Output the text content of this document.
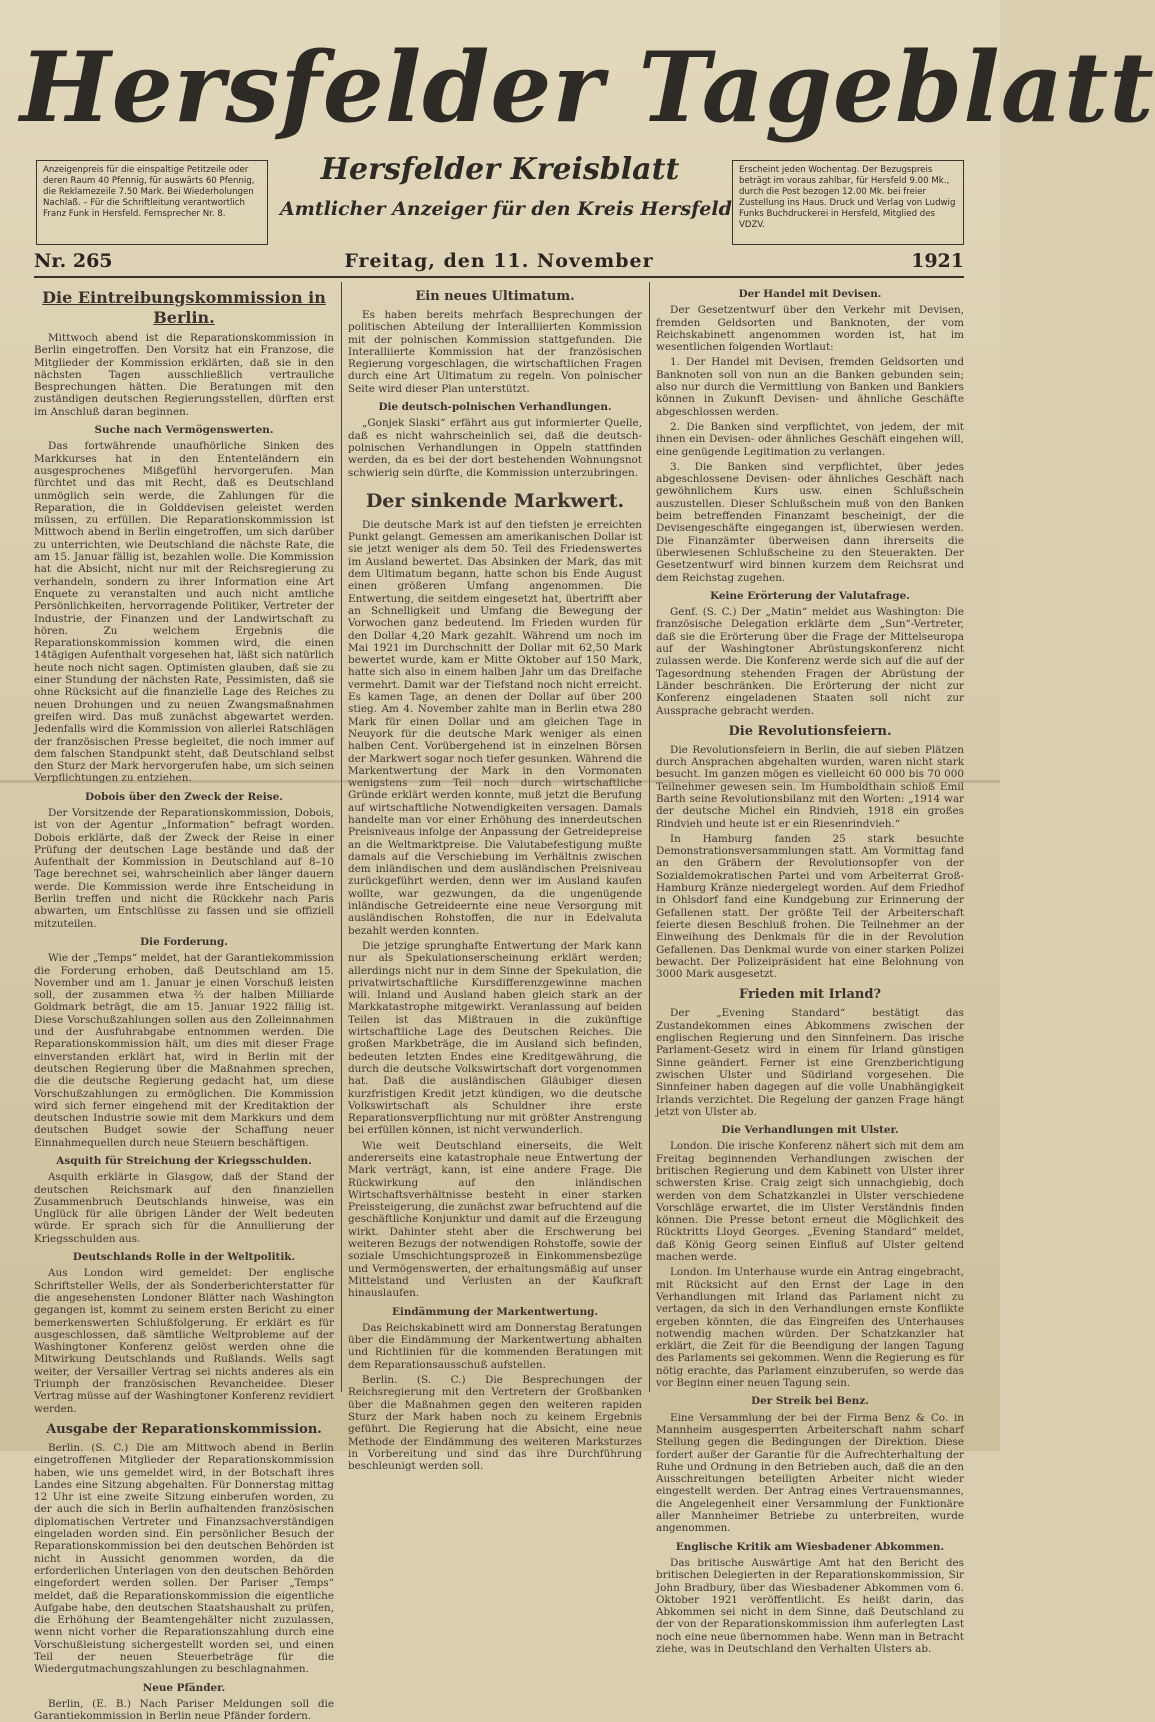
Hersfelder Tageblatt
Anzeigenpreis für die einspaltige Petitzeile oder deren Raum 40 Pfennig, für auswärts 60 Pfennig, die Reklamezeile 7.50 Mark. Bei Wiederholungen Nachlaß. – Für die Schriftleitung verantwortlich Franz Funk in Hersfeld. Fernsprecher Nr. 8.
Hersfelder Kreisblatt
Amtlicher Anzeiger für den Kreis Hersfeld
Erscheint jeden Wochentag. Der Bezugspreis beträgt im voraus zahlbar, für Hersfeld 9.00 Mk., durch die Post bezogen 12.00 Mk. bei freier Zustellung ins Haus. Druck und Verlag von Ludwig Funks Buchdruckerei in Hersfeld, Mitglied des VDZV.
Nr. 265	Freitag, den 11. November	1921
Die Eintreibungskommission in Berlin.

Mittwoch abend ist die Reparationskommission in Berlin eingetroffen. Den Vorsitz hat ein Franzose, die Mitglieder der Kommission erklärten, daß sie in den nächsten Tagen ausschließlich vertrauliche Besprechungen hätten. Die Beratungen mit den zuständigen deutschen Regierungsstellen, dürften erst im Anschluß daran beginnen.

Suche nach Vermögenswerten.

Das fortwährende unaufhörliche Sinken des Markkurses hat in den Ententeländern ein ausgesprochenes Mißgefühl hervorgerufen. Man fürchtet und das mit Recht, daß es Deutschland unmöglich sein werde, die Zahlungen für die Reparation, die in Golddevisen geleistet werden müssen, zu erfüllen. Die Reparationskommission ist Mittwoch abend in Berlin eingetroffen, um sich darüber zu unterrichten, wie Deutschland die nächste Rate, die am 15. Januar fällig ist, bezahlen wolle. Die Kommission hat die Absicht, nicht nur mit der Reichsregierung zu verhandeln, sondern zu ihrer Information eine Art Enquete zu veranstalten und auch nicht amtliche Persönlichkeiten, hervorragende Politiker, Vertreter der Industrie, der Finanzen und der Landwirtschaft zu hören. Zu welchem Ergebnis die Reparationskommission kommen wird, die einen 14tägigen Aufenthalt vorgesehen hat, läßt sich natürlich heute noch nicht sagen. Optimisten glauben, daß sie zu einer Stundung der nächsten Rate, Pessimisten, daß sie ohne Rücksicht auf die finanzielle Lage des Reiches zu neuen Drohungen und zu neuen Zwangsmaßnahmen greifen wird. Das muß zunächst abgewartet werden. Jedenfalls wird die Kommission von allerlei Ratschlägen der französischen Presse begleitet, die noch immer auf dem falschen Standpunkt steht, daß Deutschland selbst den Sturz der Mark hervorgerufen habe, um sich seinen Verpflichtungen zu entziehen.

Dobois über den Zweck der Reise.

Der Vorsitzende der Reparationskommission, Dobois, ist von der Agentur „Information“ befragt worden. Dobois erklärte, daß der Zweck der Reise in einer Prüfung der deutschen Lage bestände und daß der Aufenthalt der Kommission in Deutschland auf 8–10 Tage berechnet sei, wahrscheinlich aber länger dauern werde. Die Kommission werde ihre Entscheidung in Berlin treffen und nicht die Rückkehr nach Paris abwarten, um Entschlüsse zu fassen und sie offiziell mitzuteilen.

Die Forderung.

Wie der „Temps“ meldet, hat der Garantiekommission die Forderung erhoben, daß Deutschland am 15. November und am 1. Januar je einen Vorschuß leisten soll, der zusammen etwa ⅔ der halben Milliarde Goldmark beträgt, die am 15. Januar 1922 fällig ist. Diese Vorschußzahlungen sollen aus den Zolleinnahmen und der Ausfuhrabgabe entnommen werden. Die Reparationskommission hält, um dies mit dieser Frage einverstanden erklärt hat, wird in Berlin mit der deutschen Regierung über die Maßnahmen sprechen, die die deutsche Regierung gedacht hat, um diese Vorschußzahlungen zu ermöglichen. Die Kommission wird sich ferner eingehend mit der Kreditaktion der deutschen Industrie sowie mit dem Markkurs und dem deutschen Budget sowie der Schaffung neuer Einnahmequellen durch neue Steuern beschäftigen.

Asquith für Streichung der Kriegsschulden.

Asquith erklärte in Glasgow, daß der Stand der deutschen Reichsmark auf den finanziellen Zusammenbruch Deutschlands hinweise, was ein Unglück für alle übrigen Länder der Welt bedeuten würde. Er sprach sich für die Annullierung der Kriegsschulden aus.

Deutschlands Rolle in der Weltpolitik.

Aus London wird gemeldet: Der englische Schriftsteller Wells, der als Sonderberichterstatter für die angesehensten Londoner Blätter nach Washington gegangen ist, kommt zu seinem ersten Bericht zu einer bemerkenswerten Schlußfolgerung. Er erklärt es für ausgeschlossen, daß sämtliche Weltprobleme auf der Washingtoner Konferenz gelöst werden ohne die Mitwirkung Deutschlands und Rußlands. Wells sagt weiter, der Versailler Vertrag sei nichts anderes als ein Triumph der französischen Revancheidee. Dieser Vertrag müsse auf der Washingtoner Konferenz revidiert werden.

Ausgabe der Reparationskommission.

Berlin. (S. C.) Die am Mittwoch abend in Berlin eingetroffenen Mitglieder der Reparationskommission haben, wie uns gemeldet wird, in der Botschaft ihres Landes eine Sitzung abgehalten. Für Donnerstag mittag 12 Uhr ist eine zweite Sitzung einberufen worden, zu der auch die sich in Berlin aufhaltenden französischen diplomatischen Vertreter und Finanzsachverständigen eingeladen worden sind. Ein persönlicher Besuch der Reparationskommission bei den deutschen Behörden ist nicht in Aussicht genommen worden, da die erforderlichen Unterlagen von den deutschen Behörden eingefordert werden sollen. Der Pariser „Temps“ meldet, daß die Reparationskommission die eigentliche Aufgabe habe, den deutschen Staatshaushalt zu prüfen, die Erhöhung der Beamtengehälter nicht zuzulassen, wenn nicht vorher die Reparationszahlung durch eine Vorschußleistung sichergestellt worden sei, und einen Teil der neuen Steuerbeträge für die Wiedergutmachungszahlungen zu beschlagnahmen.

Neue Pfänder.

Berlin, (E. B.) Nach Pariser Meldungen soll die Garantiekommission in Berlin neue Pfänder fordern.

Ein neues Ultimatum.

Es haben bereits mehrfach Besprechungen der politischen Abteilung der Interalliierten Kommission mit der polnischen Kommission stattgefunden. Die Interalliierte Kommission hat der französischen Regierung vorgeschlagen, die wirtschaftlichen Fragen durch eine Art Ultimatum zu regeln. Von polnischer Seite wird dieser Plan unterstützt.

Die deutsch-polnischen Verhandlungen.

„Gonjek Slaski“ erfährt aus gut informierter Quelle, daß es nicht wahrscheinlich sei, daß die deutsch-polnischen Verhandlungen in Oppeln stattfinden werden, da es bei der dort bestehenden Wohnungsnot schwierig sein dürfte, die Kommission unterzubringen.

Der sinkende Markwert.

Die deutsche Mark ist auf den tiefsten je erreichten Punkt gelangt. Gemessen am amerikanischen Dollar ist sie jetzt weniger als dem 50. Teil des Friedenswertes im Ausland bewertet. Das Absinken der Mark, das mit dem Ultimatum begann, hatte schon bis Ende August einen größeren Umfang angenommen. Die Entwertung, die seitdem eingesetzt hat, übertrifft aber an Schnelligkeit und Umfang die Bewegung der Vorwochen ganz bedeutend. Im Frieden wurden für den Dollar 4,20 Mark gezahlt. Während um noch im Mai 1921 im Durchschnitt der Dollar mit 62,50 Mark bewertet wurde, kam er Mitte Oktober auf 150 Mark, hatte sich also in einem halben Jahr um das Dreifache vermehrt. Damit war der Tiefstand noch nicht erreicht. Es kamen Tage, an denen der Dollar auf über 200 stieg. Am 4. November zahlte man in Berlin etwa 280 Mark für einen Dollar und am gleichen Tage in Neuyork für die deutsche Mark weniger als einen halben Cent. Vorübergehend ist in einzelnen Börsen der Markwert sogar noch tiefer gesunken. Während die Markentwertung der Mark in den Vormonaten wenigstens zum Teil noch durch wirtschaftliche Gründe erklärt werden konnte, muß jetzt die Berufung auf wirtschaftliche Notwendigkeiten versagen. Damals handelte man vor einer Erhöhung des innerdeutschen Preisniveaus infolge der Anpassung der Getreidepreise an die Weltmarktpreise. Die Valutabefestigung mußte damals auf die Verschiebung im Verhältnis zwischen dem inländischen und dem ausländischen Preisniveau zurückgeführt werden, denn wer im Ausland kaufen wollte, war gezwungen, da die ungenügende inländische Getreideernte eine neue Versorgung mit ausländischen Rohstoffen, die nur in Edelvaluta bezahlt werden konnten.

Die jetzige sprunghafte Entwertung der Mark kann nur als Spekulationserscheinung erklärt werden; allerdings nicht nur in dem Sinne der Spekulation, die privatwirtschaftliche Kursdifferenzgewinne machen will. Inland und Ausland haben gleich stark an der Markkatastrophe mitgewirkt. Veranlassung auf beiden Teilen ist das Mißtrauen in die zukünftige wirtschaftliche Lage des Deutschen Reiches. Die großen Markbeträge, die im Ausland sich befinden, bedeuten letzten Endes eine Kreditgewährung, die durch die deutsche Volkswirtschaft dort vorgenommen hat. Daß die ausländischen Gläubiger diesen kurzfristigen Kredit jetzt kündigen, wo die deutsche Volkswirtschaft als Schuldner ihre erste Reparationsverpflichtung nur mit größter Anstrengung bei erfüllen können, ist nicht verwunderlich.

Wie weit Deutschland einerseits, die Welt andererseits eine katastrophale neue Entwertung der Mark verträgt, kann, ist eine andere Frage. Die Rückwirkung auf den inländischen Wirtschaftsverhältnisse besteht in einer starken Preissteigerung, die zunächst zwar befruchtend auf die geschäftliche Konjunktur und damit auf die Erzeugung wirkt. Dahinter steht aber die Erschwerung bei weiteren Bezugs der notwendigen Rohstoffe, sowie der soziale Umschichtungsprozeß in Einkommensbezüge und Vermögenswerten, der erhaltungsmäßig auf unser Mittelstand und Verlusten an der Kaufkraft hinauslaufen.

Eindämmung der Markentwertung.

Das Reichskabinett wird am Donnerstag Beratungen über die Eindämmung der Markentwertung abhalten und Richtlinien für die kommenden Beratungen mit dem Reparationsausschuß aufstellen.

Berlin. (S. C.) Die Besprechungen der Reichsregierung mit den Vertretern der Großbanken über die Maßnahmen gegen den weiteren rapiden Sturz der Mark haben noch zu keinem Ergebnis geführt. Die Regierung hat die Absicht, eine neue Methode der Eindämmung des weiteren Marksturzes in Vorbereitung und sind das ihre Durchführung beschleunigt werden soll.

Der Handel mit Devisen.

Der Gesetzentwurf über den Verkehr mit Devisen, fremden Geldsorten und Banknoten, der vom Reichskabinett angenommen worden ist, hat im wesentlichen folgenden Wortlaut:

1. Der Handel mit Devisen, fremden Geldsorten und Banknoten soll von nun an die Banken gebunden sein; also nur durch die Vermittlung von Banken und Bankiers können in Zukunft Devisen- und ähnliche Geschäfte abgeschlossen werden.

2. Die Banken sind verpflichtet, von jedem, der mit ihnen ein Devisen- oder ähnliches Geschäft eingehen will, eine genügende Legitimation zu verlangen.

3. Die Banken sind verpflichtet, über jedes abgeschlossene Devisen- oder ähnliches Geschäft nach gewöhnlichem Kurs usw. einen Schlußschein auszustellen. Dieser Schlußschein muß von den Banken beim betreffenden Finanzamt bescheinigt, der die Devisengeschäfte eingegangen ist, überwiesen werden. Die Finanzämter überweisen dann ihrerseits die überwiesenen Schlußscheine zu den Steuerakten. Der Gesetzentwurf wird binnen kurzem dem Reichsrat und dem Reichstag zugehen.

Keine Erörterung der Valutafrage.

Genf. (S. C.) Der „Matin“ meldet aus Washington: Die französische Delegation erklärte dem „Sun“-Vertreter, daß sie die Erörterung über die Frage der Mittelseuropa auf der Washingtoner Abrüstungskonferenz nicht zulassen werde. Die Konferenz werde sich auf die auf der Tagesordnung stehenden Fragen der Abrüstung der Länder beschränken. Die Erörterung der nicht zur Konferenz eingeladenen Staaten soll nicht zur Aussprache gebracht werden.

Die Revolutionsfeiern.

Die Revolutionsfeiern in Berlin, die auf sieben Plätzen durch Ansprachen abgehalten wurden, waren nicht stark besucht. Im ganzen mögen es vielleicht 60 000 bis 70 000 Teilnehmer gewesen sein. Im Humboldthain schloß Emil Barth seine Revolutionsbilanz mit den Worten: „1914 war der deutsche Michel ein Rindvieh, 1918 ein großes Rindvieh und heute ist er ein Riesenrindvieh.“

In Hamburg fanden 25 stark besuchte Demonstrationsversammlungen statt. Am Vormittag fand an den Gräbern der Revolutionsopfer von der Sozialdemokratischen Partei und vom Arbeiterrat Groß-Hamburg Kränze niedergelegt worden. Auf dem Friedhof in Ohlsdorf fand eine Kundgebung zur Erinnerung der Gefallenen statt. Der größte Teil der Arbeiterschaft feierte diesen Beschluß frohen. Die Teilnehmer an der Einweihung des Denkmals für die in der Revolution Gefallenen. Das Denkmal wurde von einer starken Polizei bewacht. Der Polizeipräsident hat eine Belohnung von 3000 Mark ausgesetzt.

Frieden mit Irland?

Der „Evening Standard“ bestätigt das Zustandekommen eines Abkommens zwischen der englischen Regierung und den Sinnfeinern. Das irische Parlament-Gesetz wird in einem für Irland günstigen Sinne geändert. Ferner ist eine Grenzberichtigung zwischen Ulster und Südirland vorgesehen. Die Sinnfeiner haben dagegen auf die volle Unabhängigkeit Irlands verzichtet. Die Regelung der ganzen Frage hängt jetzt von Ulster ab.

Die Verhandlungen mit Ulster.

London. Die irische Konferenz nähert sich mit dem am Freitag beginnenden Verhandlungen zwischen der britischen Regierung und dem Kabinett von Ulster ihrer schwersten Krise. Craig zeigt sich unnachgiebig, doch werden von dem Schatzkanzlei in Ulster verschiedene Vorschläge erwartet, die im Ulster Verständnis finden können. Die Presse betont erneut die Möglichkeit des Rücktritts Lloyd Georges. „Evening Standard“ meldet, daß König Georg seinen Einfluß auf Ulster geltend machen werde.

London. Im Unterhause wurde ein Antrag eingebracht, mit Rücksicht auf den Ernst der Lage in den Verhandlungen mit Irland das Parlament nicht zu vertagen, da sich in den Verhandlungen ernste Konflikte ergeben könnten, die das Eingreifen des Unterhauses notwendig machen würden. Der Schatzkanzler hat erklärt, die Zeit für die Beendigung der langen Tagung des Parlaments sei gekommen. Wenn die Regierung es für nötig erachte, das Parlament einzuberufen, so werde das vor Beginn einer neuen Tagung sein.

Der Streik bei Benz.

Eine Versammlung der bei der Firma Benz & Co. in Mannheim ausgesperrten Arbeiterschaft nahm scharf Stellung gegen die Bedingungen der Direktion. Diese fordert außer der Garantie für die Aufrechterhaltung der Ruhe und Ordnung in den Betrieben auch, daß die an den Ausschreitungen beteiligten Arbeiter nicht wieder eingestellt werden. Der Antrag eines Vertrauensmannes, die Angelegenheit einer Versammlung der Funktionäre aller Mannheimer Betriebe zu unterbreiten, wurde angenommen.

Englische Kritik am Wiesbadener Abkommen.

Das britische Auswärtige Amt hat den Bericht des britischen Delegierten in der Reparationskommission, Sir John Bradbury, über das Wiesbadener Abkommen vom 6. Oktober 1921 veröffentlicht. Es heißt darin, das Abkommen sei nicht in dem Sinne, daß Deutschland zu der von der Reparationskommission ihm auferlegten Last noch eine neue übernommen habe. Wenn man in Betracht ziehe, was in Deutschland den Verhalten Ulsters ab.
